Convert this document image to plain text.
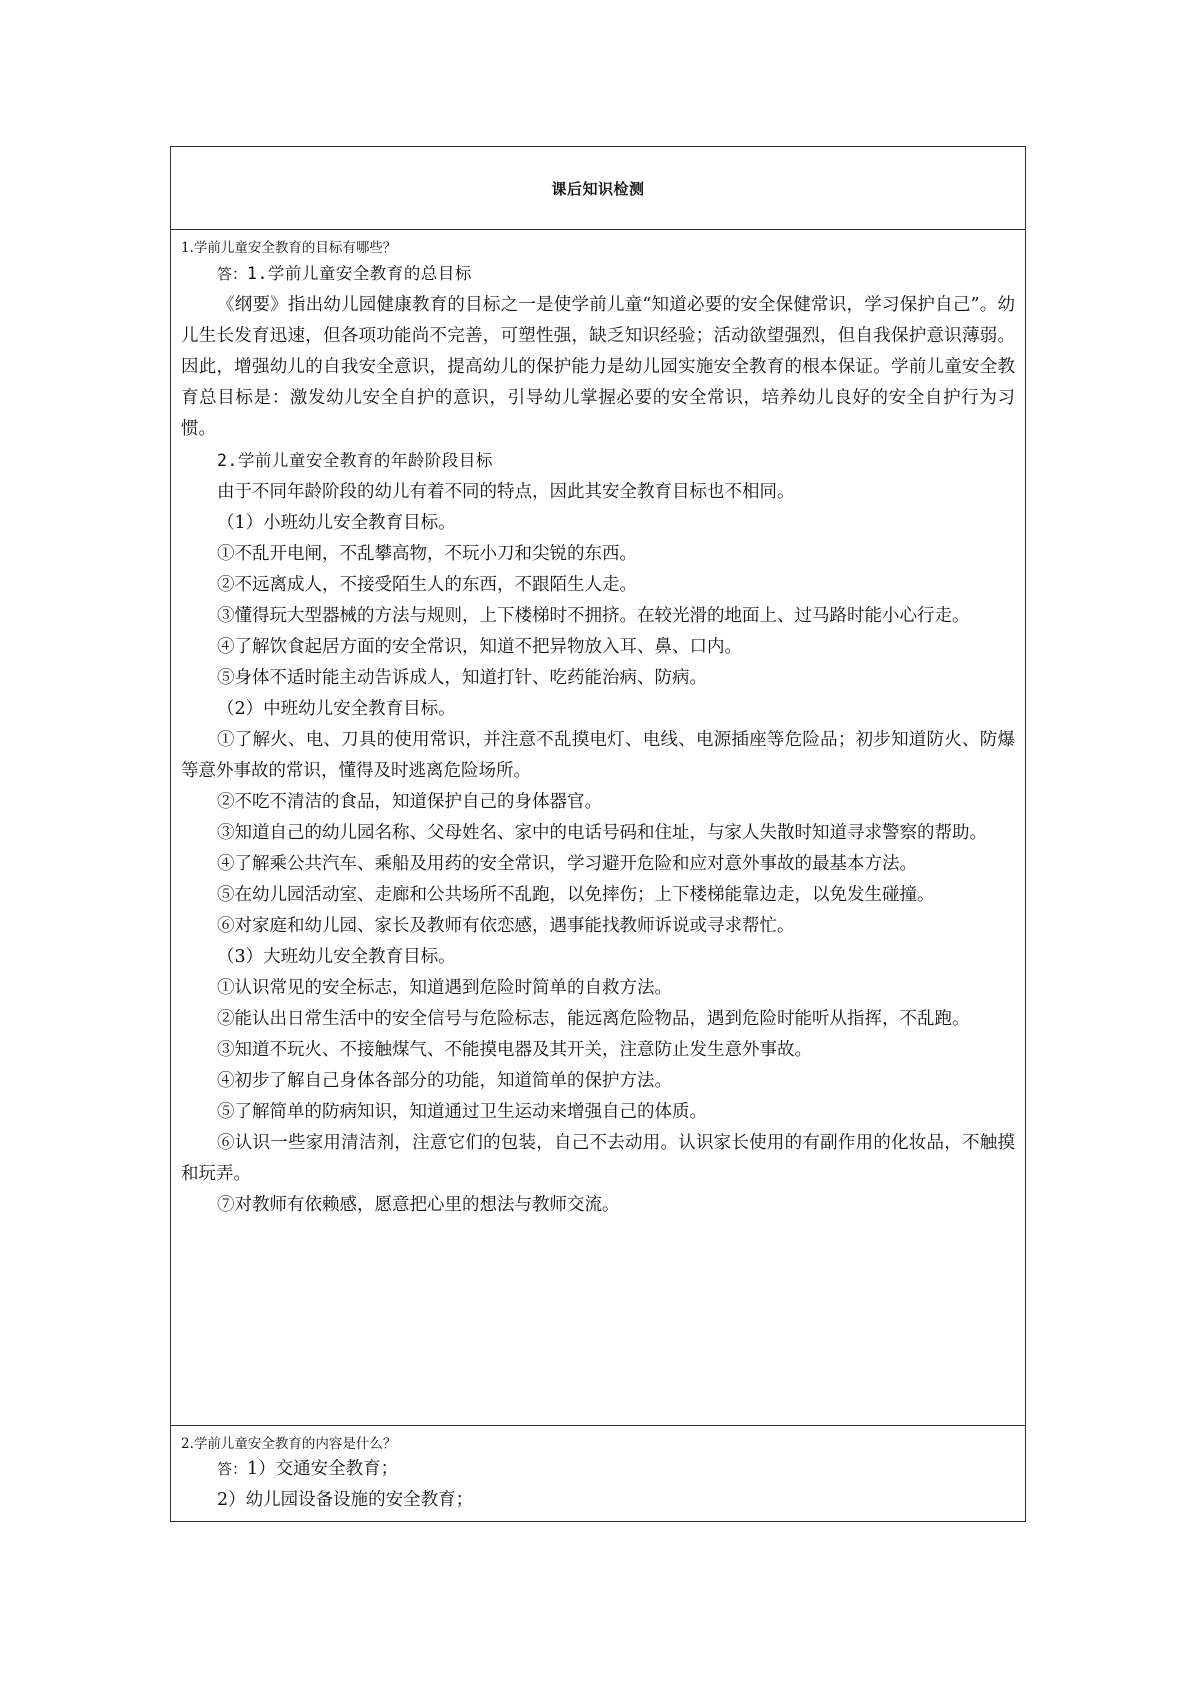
课后知识检测
1.学前儿童安全教育的目标有哪些？

答：1.学前儿童安全教育的总目标

《纲要》指出幼儿园健康教育的目标之一是使学前儿童“知道必要的安全保健常识，学习保护自己”。幼儿生长发育迅速，但各项功能尚不完善，可塑性强，缺乏知识经验；活动欲望强烈，但自我保护意识薄弱。因此，增强幼儿的自我安全意识，提高幼儿的保护能力是幼儿园实施安全教育的根本保证。学前儿童安全教育总目标是：激发幼儿安全自护的意识，引导幼儿掌握必要的安全常识，培养幼儿良好的安全自护行为习惯。

2.学前儿童安全教育的年龄阶段目标

由于不同年龄阶段的幼儿有着不同的特点，因此其安全教育目标也不相同。

（1）小班幼儿安全教育目标。

①不乱开电闸，不乱攀高物，不玩小刀和尖锐的东西。

②不远离成人，不接受陌生人的东西，不跟陌生人走。

③懂得玩大型器械的方法与规则，上下楼梯时不拥挤。在较光滑的地面上、过马路时能小心行走。

④了解饮食起居方面的安全常识，知道不把异物放入耳、鼻、口内。

⑤身体不适时能主动告诉成人，知道打针、吃药能治病、防病。

（2）中班幼儿安全教育目标。

①了解火、电、刀具的使用常识，并注意不乱摸电灯、电线、电源插座等危险品；初步知道防火、防爆等意外事故的常识，懂得及时逃离危险场所。

②不吃不清洁的食品，知道保护自己的身体器官。

③知道自己的幼儿园名称、父母姓名、家中的电话号码和住址，与家人失散时知道寻求警察的帮助。

④了解乘公共汽车、乘船及用药的安全常识，学习避开危险和应对意外事故的最基本方法。

⑤在幼儿园活动室、走廊和公共场所不乱跑，以免摔伤；上下楼梯能靠边走，以免发生碰撞。

⑥对家庭和幼儿园、家长及教师有依恋感，遇事能找教师诉说或寻求帮忙。

（3）大班幼儿安全教育目标。

①认识常见的安全标志，知道遇到危险时简单的自救方法。

②能认出日常生活中的安全信号与危险标志，能远离危险物品，遇到危险时能听从指挥，不乱跑。

③知道不玩火、不接触煤气、不能摸电器及其开关，注意防止发生意外事故。

④初步了解自己身体各部分的功能，知道简单的保护方法。

⑤了解简单的防病知识，知道通过卫生运动来增强自己的体质。

⑥认识一些家用清洁剂，注意它们的包装，自己不去动用。认识家长使用的有副作用的化妆品，不触摸和玩弄。

⑦对教师有依赖感，愿意把心里的想法与教师交流。

2.学前儿童安全教育的内容是什么？

答：1）交通安全教育；

2）幼儿园设备设施的安全教育；
